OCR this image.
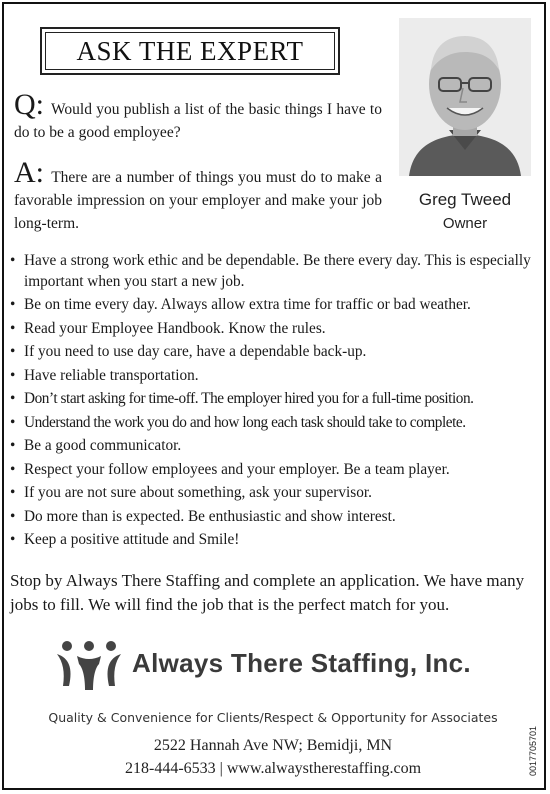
ASK THE EXPERT
Greg Tweed
Owner
Q: Would you publish a list of the basic things I have to do to be a good employee?
A: There are a number of things you must do to make a favorable impression on your employer and make your job long-term.
• Have a strong work ethic and be dependable. Be there every day. This is especially important when you start a new job.
• Be on time every day. Always allow extra time for traffic or bad weather.
• Read your Employee Handbook. Know the rules.
• If you need to use day care, have a dependable back-up.
• Have reliable transportation.
• Don’t start asking for time-off. The employer hired you for a full-time position.
• Understand the work you do and how long each task should take to complete.
• Be a good communicator.
• Respect your follow employees and your employer. Be a team player.
• If you are not sure about something, ask your supervisor.
• Do more than is expected. Be enthusiastic and show interest.
• Keep a positive attitude and Smile!
Stop by Always There Staffing and complete an application. We have many jobs to fill. We will find the job that is the perfect match for you.
Always There Staffing, Inc.
Quality & Convenience for Clients/Respect & Opportunity for Associates
2522 Hannah Ave NW; Bemidji, MN
218-444-6533 | www.alwaystherestaffing.com	0017705701
